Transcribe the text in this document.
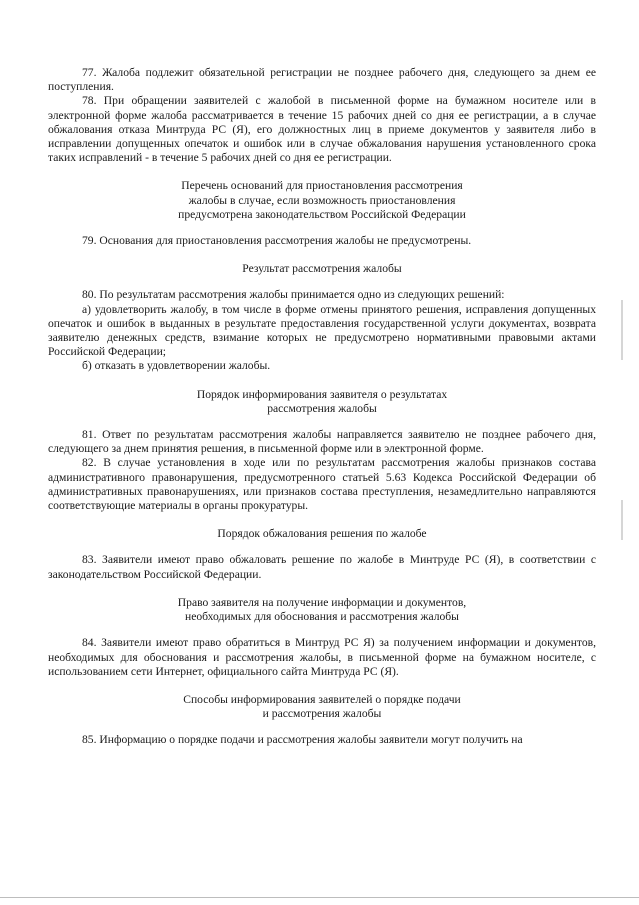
77. Жалоба подлежит обязательной регистрации не позднее рабочего дня, следующего за днем ее поступления.

78. При обращении заявителей с жалобой в письменной форме на бумажном носителе или в электронной форме жалоба рассматривается в течение 15 рабочих дней со дня ее регистрации, а в случае обжалования отказа Минтруда РС (Я), его должностных лиц в приеме документов у заявителя либо в исправлении допущенных опечаток и ошибок или в случае обжалования нарушения установленного срока таких исправлений - в течение 5 рабочих дней со дня ее регистрации.

Перечень оснований для приостановления рассмотрения
жалобы в случае, если возможность приостановления
предусмотрена законодательством Российской Федерации

79. Основания для приостановления рассмотрения жалобы не предусмотрены.

Результат рассмотрения жалобы

80. По результатам рассмотрения жалобы принимается одно из следующих решений:

а) удовлетворить жалобу, в том числе в форме отмены принятого решения, исправления допущенных опечаток и ошибок в выданных в результате предоставления государственной услуги документах, возврата заявителю денежных средств, взимание которых не предусмотрено нормативными правовыми актами Российской Федерации;

б) отказать в удовлетворении жалобы.

Порядок информирования заявителя о результатах
рассмотрения жалобы

81. Ответ по результатам рассмотрения жалобы направляется заявителю не позднее рабочего дня, следующего за днем принятия решения, в письменной форме или в электронной форме.

82. В случае установления в ходе или по результатам рассмотрения жалобы признаков состава административного правонарушения, предусмотренного статьей 5.63 Кодекса Российской Федерации об административных правонарушениях, или признаков состава преступления, незамедлительно направляются соответствующие материалы в органы прокуратуры.

Порядок обжалования решения по жалобе

83. Заявители имеют право обжаловать решение по жалобе в Минтруде РС (Я), в соответствии с законодательством Российской Федерации.

Право заявителя на получение информации и документов,
необходимых для обоснования и рассмотрения жалобы

84. Заявители имеют право обратиться в Минтруд РС Я) за получением информации и документов, необходимых для обоснования и рассмотрения жалобы, в письменной форме на бумажном носителе, с использованием сети Интернет, официального сайта Минтруда РС (Я).

Способы информирования заявителей о порядке подачи
и рассмотрения жалобы

85. Информацию о порядке подачи и рассмотрения жалобы заявители могут получить на
